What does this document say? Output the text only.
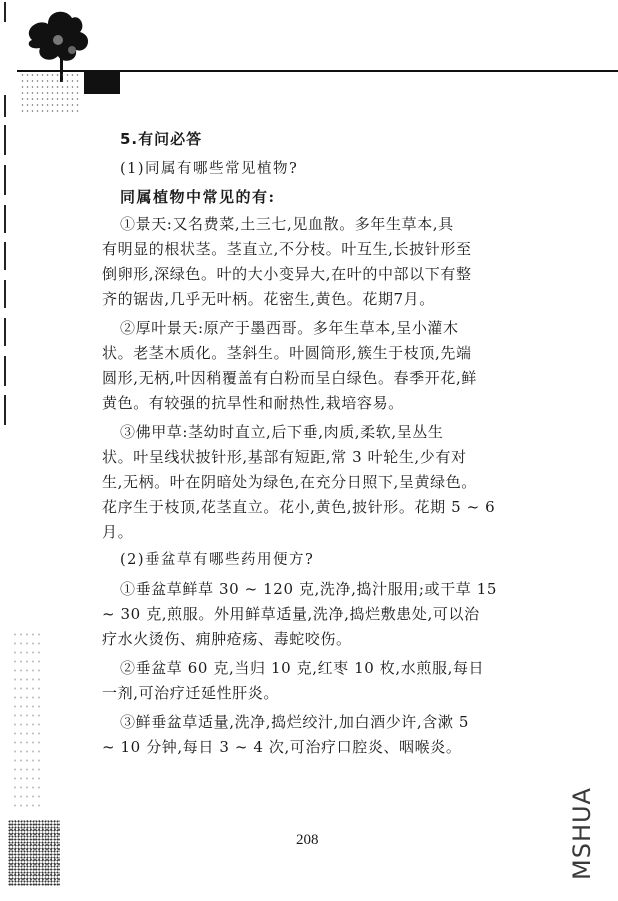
5.有问必答
(1)同属有哪些常见植物?
同属植物中常见的有:
①景天:又名费菜,土三七,见血散。多年生草本,具
有明显的根状茎。茎直立,不分枝。叶互生,长披针形至
倒卵形,深绿色。叶的大小变异大,在叶的中部以下有整
齐的锯齿,几乎无叶柄。花密生,黄色。花期7月。
②厚叶景天:原产于墨西哥。多年生草本,呈小灌木
状。老茎木质化。茎斜生。叶圆筒形,簇生于枝顶,先端
圆形,无柄,叶因稍覆盖有白粉而呈白绿色。春季开花,鲜
黄色。有较强的抗旱性和耐热性,栽培容易。
③佛甲草:茎幼时直立,后下垂,肉质,柔软,呈丛生
状。叶呈线状披针形,基部有短距,常 3 叶轮生,少有对
生,无柄。叶在阴暗处为绿色,在充分日照下,呈黄绿色。
花序生于枝顶,花茎直立。花小,黄色,披针形。花期 5 ~ 6
月。
(2)垂盆草有哪些药用便方?
①垂盆草鲜草 30 ~ 120 克,洗净,捣汁服用;或干草 15
~ 30 克,煎服。外用鲜草适量,洗净,捣烂敷患处,可以治
疗水火烫伤、痈肿疮疡、毒蛇咬伤。
②垂盆草 60 克,当归 10 克,红枣 10 枚,水煎服,每日
一剂,可治疗迁延性肝炎。
③鲜垂盆草适量,洗净,捣烂绞汁,加白酒少许,含漱 5
~ 10 分钟,每日 3 ~ 4 次,可治疗口腔炎、咽喉炎。
208	MSHUA
